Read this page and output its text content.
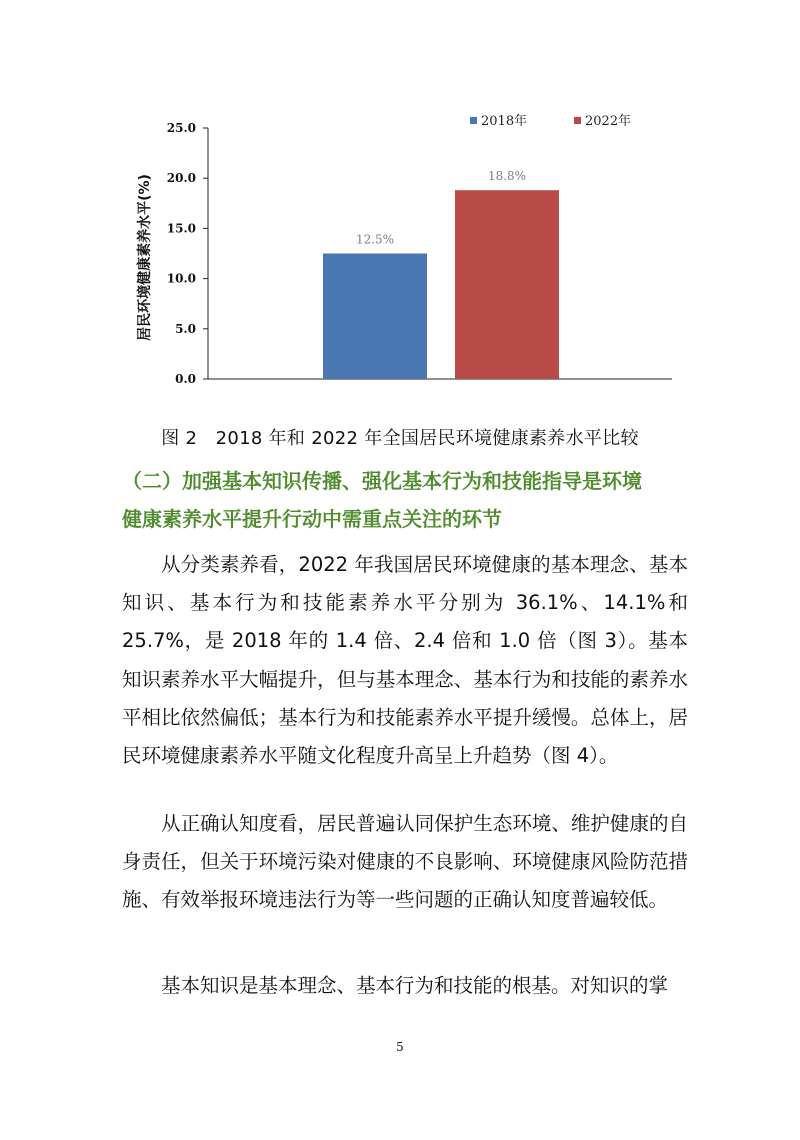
0.0
5.0
10.0
15.0
20.0
25.0
居民环境健康素养水平(%)	12.5%
18.8%
2018年	2022年
图 2　2018 年和 2022 年全国居民环境健康素养水平比较
（二）加强基本知识传播、强化基本行为和技能指导是环境
健康素养水平提升行动中需重点关注的环节

从分类素养看，2022 年我国居民环境健康的基本理念、基本知识、基本行为和技能素养水平分别为 36.1%、14.1%和 25.7%，是 2018 年的 1.4 倍、2.4 倍和 1.0 倍（图 3）。基本知识素养水平大幅提升，但与基本理念、基本行为和技能的素养水平相比依然偏低；基本行为和技能素养水平提升缓慢。总体上，居民环境健康素养水平随文化程度升高呈上升趋势（图 4）。

从正确认知度看，居民普遍认同保护生态环境、维护健康的自身责任，但关于环境污染对健康的不良影响、环境健康风险防范措施、有效举报环境违法行为等一些问题的正确认知度普遍较低。

基本知识是基本理念、基本行为和技能的根基。对知识的掌

5
